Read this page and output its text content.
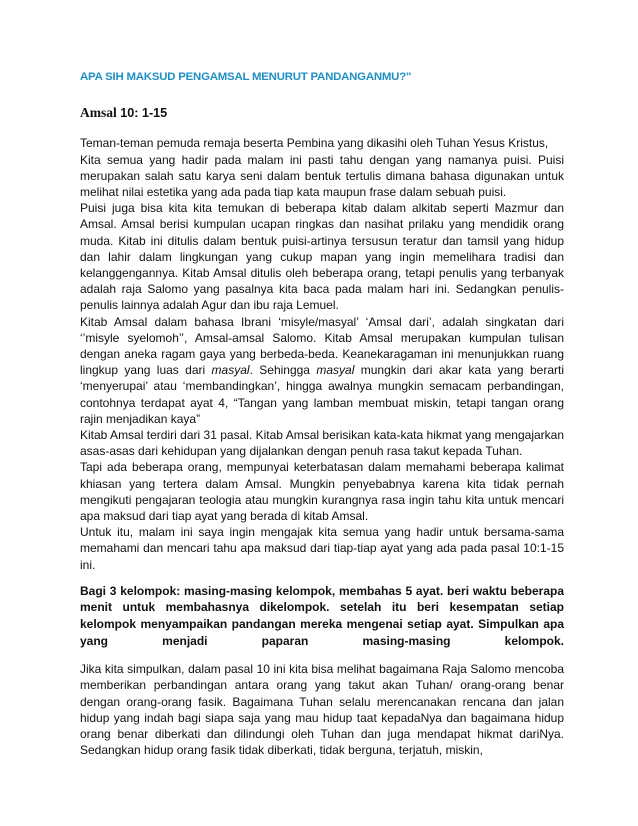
APA SIH MAKSUD PENGAMSAL MENURUT PANDANGANMU?"

Amsal 10: 1-15

Teman-teman pemuda remaja beserta Pembina yang dikasihi oleh Tuhan Yesus Kristus,

Kita semua yang hadir pada malam ini pasti tahu dengan yang namanya puisi. Puisi merupakan salah satu karya seni dalam bentuk tertulis dimana bahasa digunakan untuk melihat nilai estetika yang ada pada tiap kata maupun frase dalam sebuah puisi.

Puisi juga bisa kita kita temukan di beberapa kitab dalam alkitab seperti Mazmur dan Amsal. Amsal berisi kumpulan ucapan ringkas dan nasihat prilaku yang mendidik orang muda. Kitab ini ditulis dalam bentuk puisi-artinya tersusun teratur dan tamsil yang hidup dan lahir dalam lingkungan yang cukup mapan yang ingin memelihara tradisi dan kelanggengannya. Kitab Amsal ditulis oleh beberapa orang, tetapi penulis yang terbanyak adalah raja Salomo yang pasalnya kita baca pada malam hari ini. Sedangkan penulis-penulis lainnya adalah Agur dan ibu raja Lemuel.

Kitab Amsal dalam bahasa Ibrani ‘misyle/masyal’ ‘Amsal dari’, adalah singkatan dari ‘’misyle syelomoh’’, Amsal-amsal Salomo. Kitab Amsal merupakan kumpulan tulisan dengan aneka ragam gaya yang berbeda-beda. Keanekaragaman ini menunjukkan ruang lingkup yang luas dari masyal. Sehingga masyal mungkin dari akar kata yang berarti ‘menyerupai’ atau ‘membandingkan’, hingga awalnya mungkin semacam perbandingan, contohnya terdapat ayat 4, “Tangan yang lamban membuat miskin, tetapi tangan orang rajin menjadikan kaya”

Kitab Amsal terdiri dari 31 pasal. Kitab Amsal berisikan kata-kata hikmat yang mengajarkan asas-asas dari kehidupan yang dijalankan dengan penuh rasa takut kepada Tuhan.

Tapi ada beberapa orang, mempunyai keterbatasan dalam memahami beberapa kalimat khiasan yang tertera dalam Amsal. Mungkin penyebabnya karena kita tidak pernah mengikuti pengajaran teologia atau mungkin kurangnya rasa ingin tahu kita untuk mencari apa maksud dari tiap ayat yang berada di kitab Amsal.

Untuk itu, malam ini saya ingin mengajak kita semua yang hadir untuk bersama-sama memahami dan mencari tahu apa maksud dari tiap-tiap ayat yang ada pada pasal 10:1-15 ini.

Bagi 3 kelompok: masing-masing kelompok, membahas 5 ayat. beri waktu beberapa menit untuk membahasnya dikelompok. setelah itu beri kesempatan setiap kelompok menyampaikan pandangan mereka mengenai setiap ayat. Simpulkan apa yang menjadi paparan masing-masing kelompok.

Jika kita simpulkan, dalam pasal 10 ini kita bisa melihat bagaimana Raja Salomo mencoba memberikan perbandingan antara orang yang takut akan Tuhan/ orang-orang benar dengan orang-orang fasik. Bagaimana Tuhan selalu merencanakan rencana dan jalan hidup yang indah bagi siapa saja yang mau hidup taat kepadaNya dan bagaimana hidup orang benar diberkati dan dilindungi oleh Tuhan dan juga mendapat hikmat dariNya. Sedangkan hidup orang fasik tidak diberkati, tidak berguna, terjatuh, miskin,
